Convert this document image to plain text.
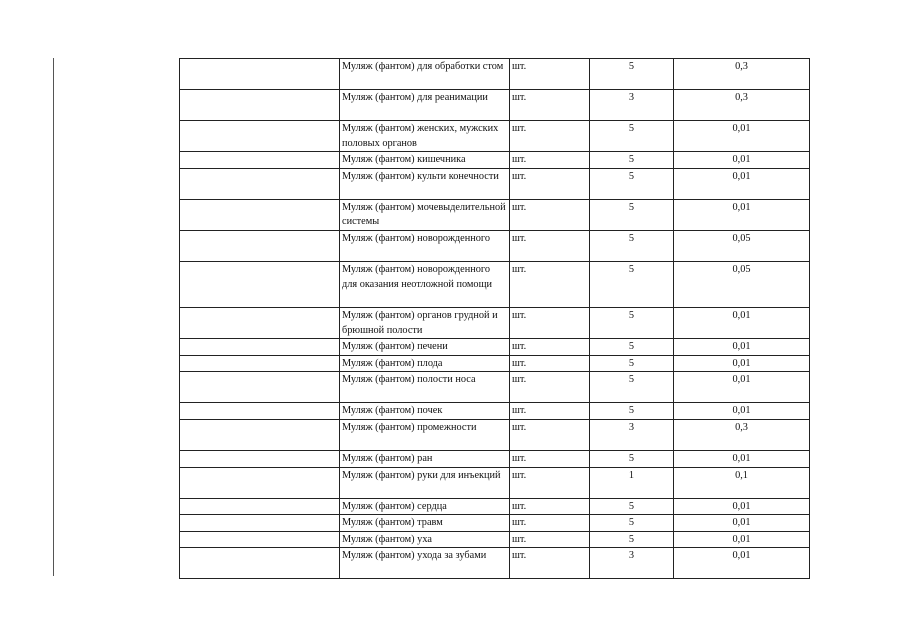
	Муляж (фантом) для обработки стом	шт.	5	0,3
	Муляж (фантом) для реанимации	шт.	3	0,3
	Муляж (фантом) женских, мужских половых органов	шт.	5	0,01
	Муляж (фантом) кишечника	шт.	5	0,01
	Муляж (фантом) культи конечности	шт.	5	0,01
	Муляж (фантом) мочевыделительной системы	шт.	5	0,01
	Муляж (фантом) новорожденного	шт.	5	0,05
	Муляж (фантом) новорожденного для оказания неотложной помощи	шт.	5	0,05
	Муляж (фантом) органов грудной и брюшной полости	шт.	5	0,01
	Муляж (фантом) печени	шт.	5	0,01
	Муляж (фантом) плода	шт.	5	0,01
	Муляж (фантом) полости носа	шт.	5	0,01
	Муляж (фантом) почек	шт.	5	0,01
	Муляж (фантом) промежности	шт.	3	0,3
	Муляж (фантом) ран	шт.	5	0,01
	Муляж (фантом) руки для инъекций	шт.	1	0,1
	Муляж (фантом) сердца	шт.	5	0,01
	Муляж (фантом) травм	шт.	5	0,01
	Муляж (фантом) уха	шт.	5	0,01
	Муляж (фантом) ухода за зубами	шт.	3	0,01
